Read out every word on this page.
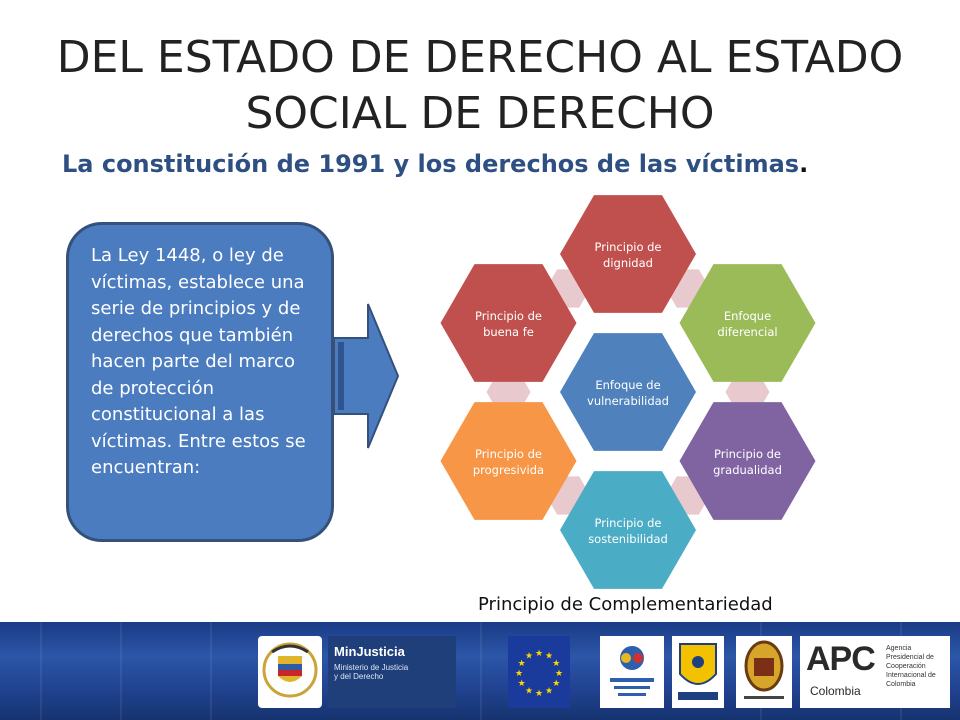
DEL ESTADO DE DERECHO AL ESTADO
SOCIAL DE DERECHO
La constitución de 1991 y los derechos de las víctimas.
La Ley 1448, o ley de víctimas, establece una serie de principios y de derechos que también hacen parte del marco de protección constitucional a las víctimas. Entre estos se encuentran:
Principio de
dignidad
Enfoque
diferencial
Principio de
gradualidad
Principio de
sostenibilidad
Principio de
progresivida
Principio de
buena fe
Enfoque de
vulnerabilidad
Principio de Complementariedad
MinJusticia
Ministerio de Justicia
y del Derecho	★
★
★
★
★
★
★
★
★ ★ ★
★	APC
Colombia
Agencia Presidencial de Cooperación Internacional de Colombia
